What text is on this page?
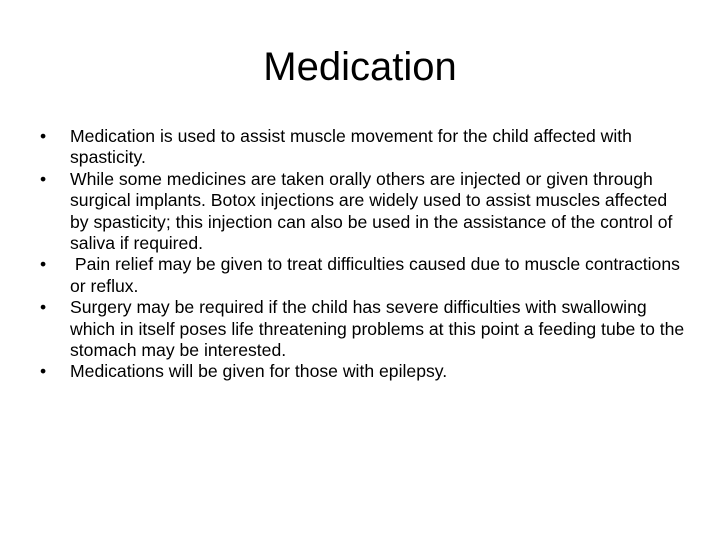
Medication
•	Medication is used to assist muscle movement for the child affected with spasticity.
•	While some medicines are taken orally others are injected or given through surgical implants. Botox injections are widely used to assist muscles affected by spasticity; this injection can also be used in the assistance of the control of saliva if required.
•	Pain relief may be given to treat difficulties caused due to muscle contractions or reflux.
•	Surgery may be required if the child has severe difficulties with swallowing which in itself poses life threatening problems at this point a feeding tube to the stomach may be interested.
•	Medications will be given for those with epilepsy.
